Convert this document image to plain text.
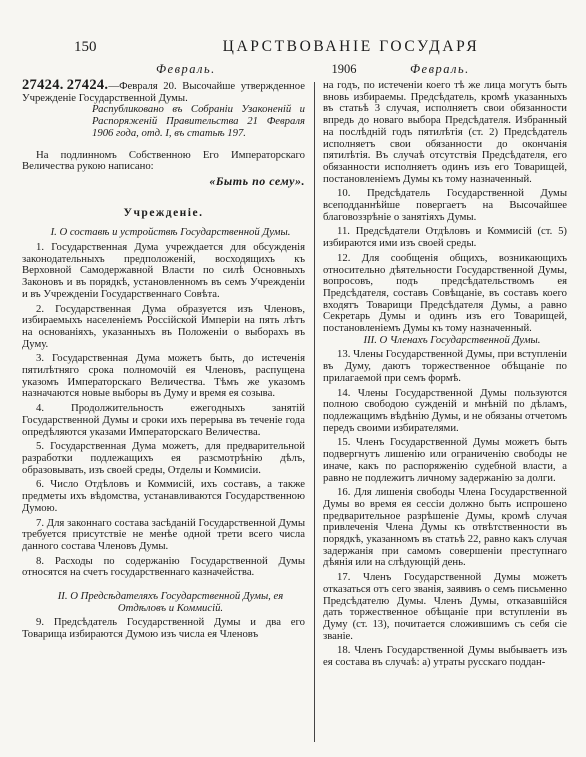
150	ЦАРСТВОВАНІЕ ГОСУДАРЯ
Февраль.	1906	Февраль.

27424. 27424.—Февраля 20. Высочайше утвержденное Учрежденіе Государственной Думы.

Распубликовано въ Собраніи Узаконеній и Распоряженій Правительства 21 Февраля 1906 года, отд. I, въ статьѣ 197.

На подлинномъ Собственною Его Императорскаго Величества рукою написано:

«Быть по сему».
Учрежденіе.

I. О составѣ и устройствѣ Государственной Думы.

1. Государственная Дума учреждается для обсужденія законодательныхъ предположеній, восходящихъ къ Верховной Самодержавной Власти по силѣ Основныхъ Законовъ и въ порядкѣ, установленномъ въ семъ Учрежденіи и въ Учрежденіи Государственнаго Совѣта.

2. Государственная Дума образуется изъ Членовъ, избираемыхъ населеніемъ Россійской Имперіи на пять лѣтъ на основаніяхъ, указанныхъ въ Положеніи о выборахъ въ Думу.

3. Государственная Дума можетъ быть, до истеченія пятилѣтняго срока полномочій ея Членовъ, распущена указомъ Императорскаго Величества. Тѣмъ же указомъ назначаются новые выборы въ Думу и время ея созыва.

4. Продолжительность ежегодныхъ занятій Государственной Думы и сроки ихъ перерыва въ теченіе года опредѣляются указами Императорскаго Величества.

5. Государственная Дума можетъ, для предварительной разработки подлежащихъ ея разсмотрѣнію дѣлъ, образовывать, изъ своей среды, Отделы и Коммисіи.

6. Число Отдѣловъ и Коммисій, ихъ составъ, а также предметы ихъ вѣдомства, устанавливаются Государственною Думою.

7. Для законнаго состава засѣданій Государственной Думы требуется присутствіе не менѣе одной трети всего числа данного состава Членовъ Думы.

8. Расходы по содержанію Государственной Думы относятся на счетъ государственнаго казначейства.

II. О Предсѣдателяхъ Государственной Думы, ея

Отдѣловъ и Коммисій.

9. Предсѣдатель Государственной Думы и два его Товарища избираются Думою изъ числа ея Членовъ

на годъ, по истеченіи коего тѣ же лица могутъ быть вновь избираемы. Предсѣдатель, кромѣ указанныхъ въ статьѣ 3 случая, исполняетъ свои обязанности впредь до новаго выбора Предсѣдателя. Избранный на послѣдній годъ пятилѣтія (ст. 2) Предсѣдатель исполняетъ свои обязанности до окончанія пятилѣтія. Въ случаѣ отсутствія Предсѣдателя, его обязанности исполняетъ одинъ изъ его Товарищей, постановленіемъ Думы къ тому назначенный.

10. Предсѣдатель Государственной Думы всеподданнѣйше повергаетъ на Высочайшее благовоззрѣніе о занятіяхъ Думы.

11. Предсѣдатели Отдѣловъ и Коммисій (ст. 5) избираются ими изъ своей среды.

12. Для сообщенія общихъ, возникающихъ относительно дѣятельности Государственной Думы, вопросовъ, подъ предсѣдательствомъ ея Предсѣдателя, составъ Совѣщаніе, въ составъ коего входятъ Товарищи Предсѣдателя Думы, а равно Секретарь Думы и одинъ изъ его Товарищей, постановленіемъ Думы къ тому назначенный.

III. О Членахъ Государственной Думы.

13. Члены Государственной Думы, при вступленіи въ Думу, даютъ торжественное обѣщаніе по прилагаемой при семъ формѣ.

14. Члены Государственной Думы пользуются полною свободою сужденій и мнѣній по дѣламъ, подлежащимъ вѣдѣнію Думы, и не обязаны отчетомъ передъ своими избирателями.

15. Членъ Государственной Думы можетъ быть подвергнутъ лишенію или ограниченію свободы не иначе, какъ по распоряженію судебной власти, а равно не подлежитъ личному задержанію за долги.

16. Для лишенія свободы Члена Государственной Думы во время ея сессіи должно быть испрошено предварительное разрѣшеніе Думы, кромѣ случая привлеченія Члена Думы къ отвѣтственности въ порядкѣ, указанномъ въ статьѣ 22, равно какъ случая задержанія при самомъ совершеніи преступнаго дѣянія или на слѣдующій день.

17. Членъ Государственной Думы можетъ отказаться отъ сего званія, заявивъ о семъ письменно Предсѣдателю Думы. Членъ Думы, отказавшійся дать торжественное обѣщаніе при вступленіи въ Думу (ст. 13), почитается сложившимъ съ себя сіе званіе.

18. Членъ Государственной Думы выбываетъ изъ ея состава въ случаѣ: а) утраты русскаго поддан-
